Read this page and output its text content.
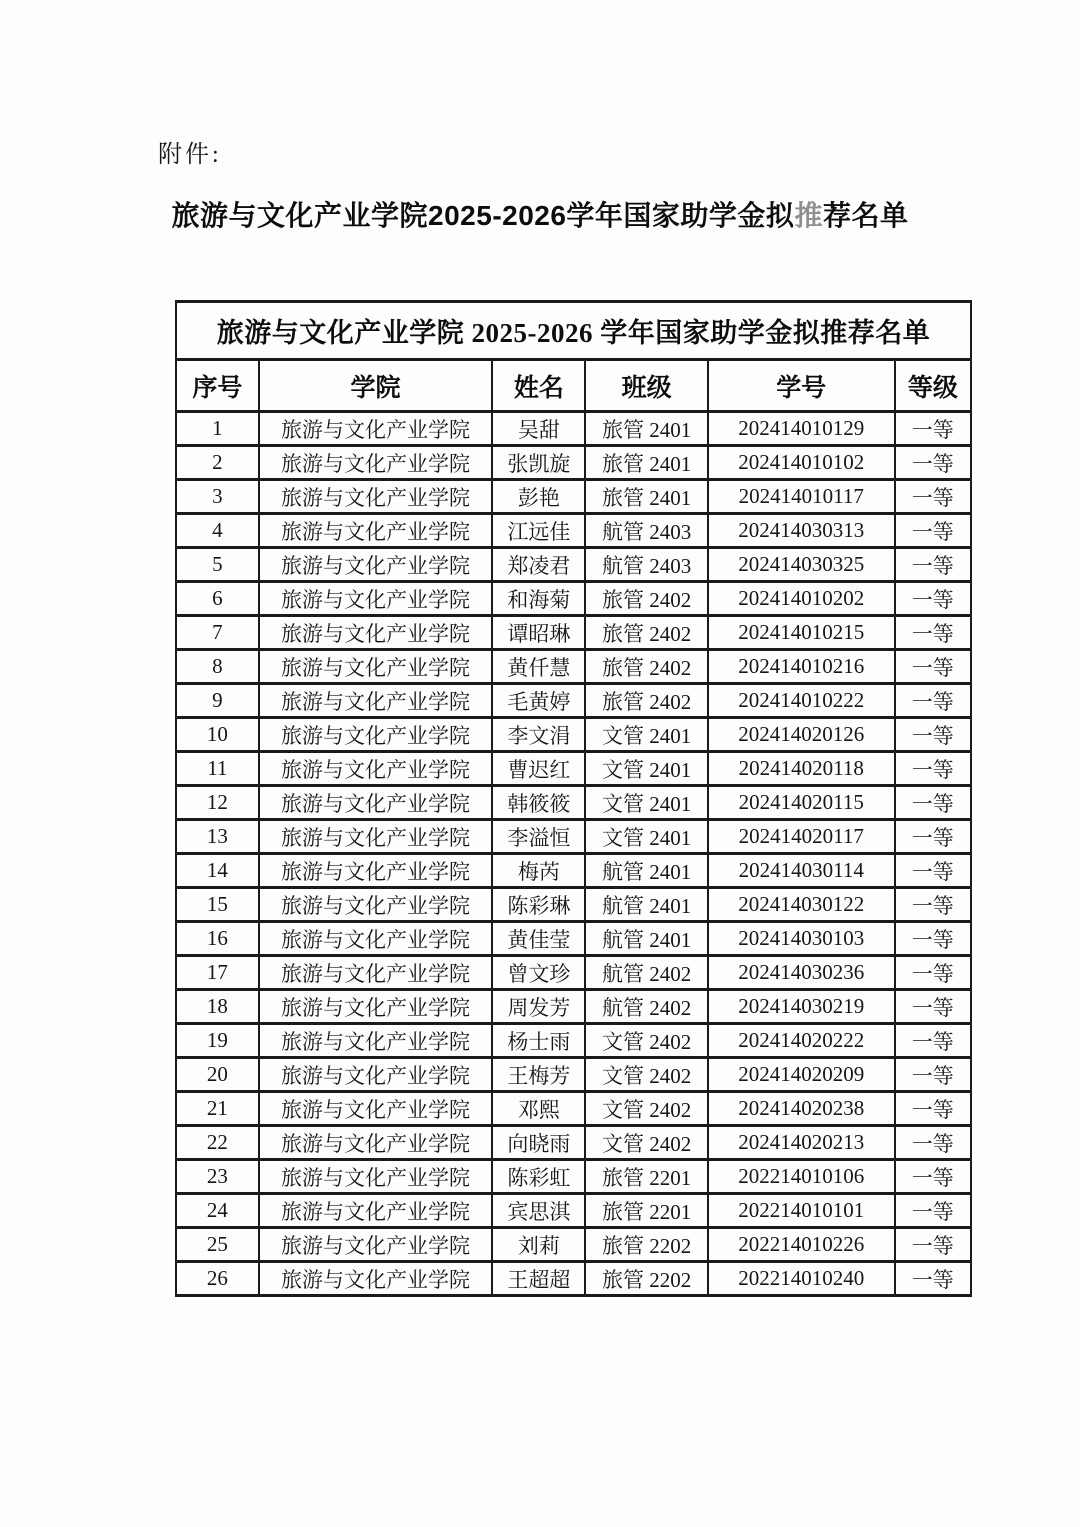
附件:
旅游与文化产业学院2025-2026学年国家助学金拟推荐名单
旅游与文化产业学院 2025-2026 学年国家助学金拟推荐名单					
序号	学院	姓名	班级	学号	等级
1	旅游与文化产业学院	吴甜	旅管 2401	202414010129	一等
2	旅游与文化产业学院	张凯旋	旅管 2401	202414010102	一等
3	旅游与文化产业学院	彭艳	旅管 2401	202414010117	一等
4	旅游与文化产业学院	江远佳	航管 2403	202414030313	一等
5	旅游与文化产业学院	郑凌君	航管 2403	202414030325	一等
6	旅游与文化产业学院	和海菊	旅管 2402	202414010202	一等
7	旅游与文化产业学院	谭昭琳	旅管 2402	202414010215	一等
8	旅游与文化产业学院	黄仟慧	旅管 2402	202414010216	一等
9	旅游与文化产业学院	毛黄婷	旅管 2402	202414010222	一等
10	旅游与文化产业学院	李文涓	文管 2401	202414020126	一等
11	旅游与文化产业学院	曹迟红	文管 2401	202414020118	一等
12	旅游与文化产业学院	韩筱筱	文管 2401	202414020115	一等
13	旅游与文化产业学院	李溢恒	文管 2401	202414020117	一等
14	旅游与文化产业学院	梅芮	航管 2401	202414030114	一等
15	旅游与文化产业学院	陈彩琳	航管 2401	202414030122	一等
16	旅游与文化产业学院	黄佳莹	航管 2401	202414030103	一等
17	旅游与文化产业学院	曾文珍	航管 2402	202414030236	一等
18	旅游与文化产业学院	周发芳	航管 2402	202414030219	一等
19	旅游与文化产业学院	杨士雨	文管 2402	202414020222	一等
20	旅游与文化产业学院	王梅芳	文管 2402	202414020209	一等
21	旅游与文化产业学院	邓熙	文管 2402	202414020238	一等
22	旅游与文化产业学院	向晓雨	文管 2402	202414020213	一等
23	旅游与文化产业学院	陈彩虹	旅管 2201	202214010106	一等
24	旅游与文化产业学院	宾思淇	旅管 2201	202214010101	一等
25	旅游与文化产业学院	刘莉	旅管 2202	202214010226	一等
26	旅游与文化产业学院	王超超	旅管 2202	202214010240	一等
